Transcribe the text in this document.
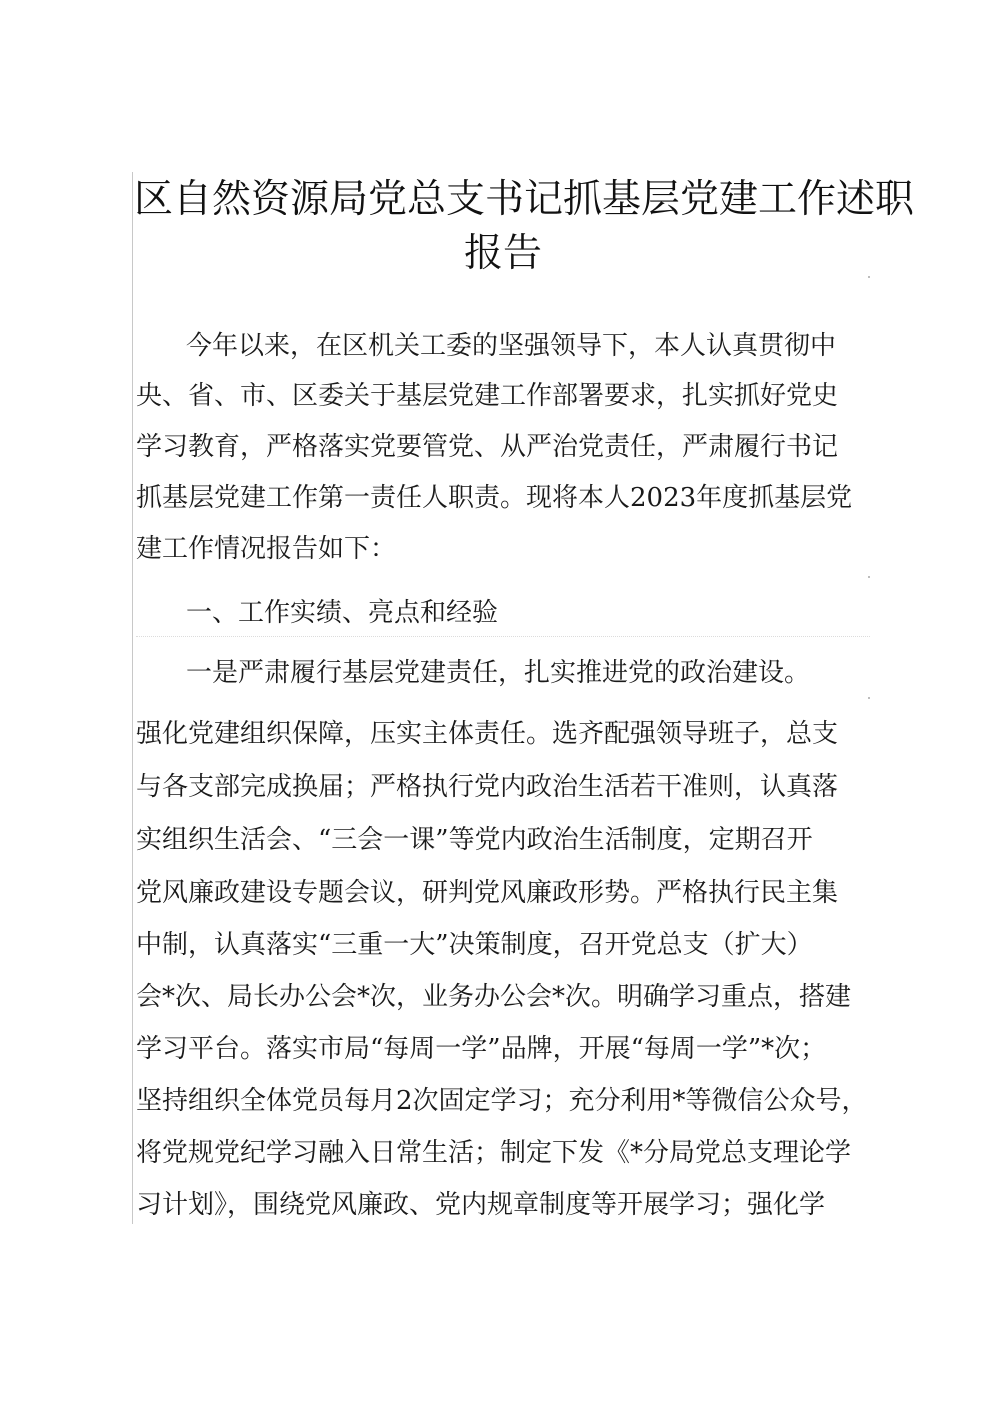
区自然资源局党总支书记抓基层党建工作述职
报告
今年以来，在区机关工委的坚强领导下，本人认真贯彻中
央、省、市、区委关于基层党建工作部署要求，扎实抓好党史
学习教育，严格落实党要管党、从严治党责任，严肃履行书记
抓基层党建工作第一责任人职责。现将本人2023年度抓基层党
建工作情况报告如下：
一、工作实绩、亮点和经验
一是严肃履行基层党建责任，扎实推进党的政治建设。
强化党建组织保障，压实主体责任。选齐配强领导班子，总支
与各支部完成换届；严格执行党内政治生活若干准则，认真落
实组织生活会、“三会一课”等党内政治生活制度，定期召开
党风廉政建设专题会议，研判党风廉政形势。严格执行民主集
中制，认真落实“三重一大”决策制度，召开党总支（扩大）
会*次、局长办公会*次，业务办公会*次。明确学习重点，搭建
学习平台。落实市局“每周一学”品牌，开展“每周一学”*次；
坚持组织全体党员每月2次固定学习；充分利用*等微信公众号，
将党规党纪学习融入日常生活；制定下发《*分局党总支理论学
习计划》，围绕党风廉政、党内规章制度等开展学习；强化学
